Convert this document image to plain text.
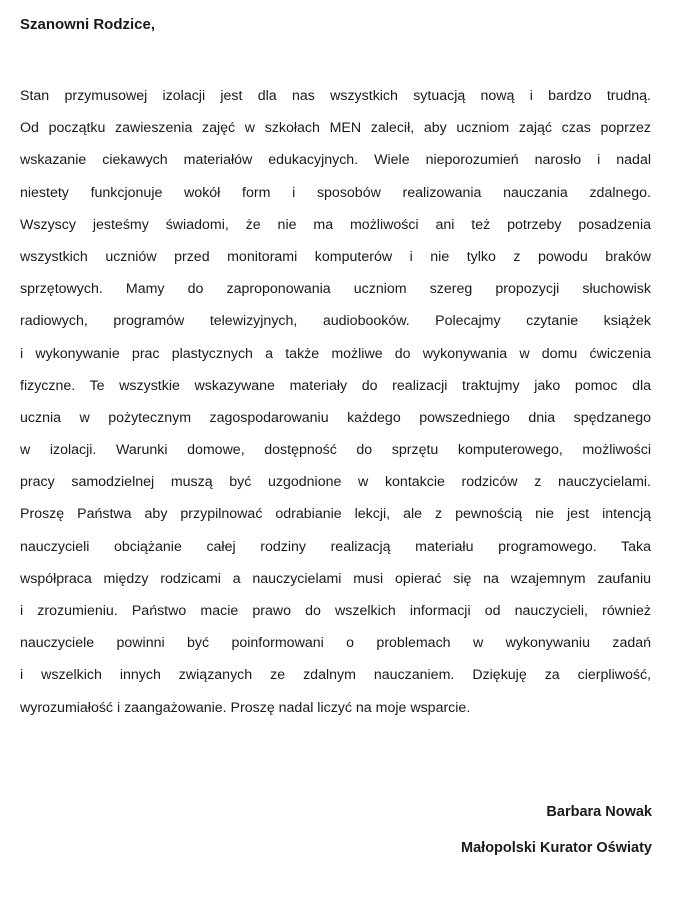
Szanowni Rodzice,
Stan przymusowej izolacji jest dla nas wszystkich sytuacją nową i bardzo trudną.
Od początku zawieszenia zajęć w szkołach MEN zalecił, aby uczniom zająć czas poprzez
wskazanie ciekawych materiałów edukacyjnych. Wiele nieporozumień narosło i nadal
niestety funkcjonuje wokół form i sposobów realizowania nauczania zdalnego.
Wszyscy jesteśmy świadomi, że nie ma możliwości ani też potrzeby posadzenia
wszystkich uczniów przed monitorami komputerów i nie tylko z powodu braków
sprzętowych. Mamy do zaproponowania uczniom szereg propozycji słuchowisk
radiowych, programów telewizyjnych, audiobooków. Polecajmy czytanie książek
i wykonywanie prac plastycznych a także możliwe do wykonywania w domu ćwiczenia
fizyczne. Te wszystkie wskazywane materiały do realizacji traktujmy jako pomoc dla
ucznia w pożytecznym zagospodarowaniu każdego powszedniego dnia spędzanego
w izolacji. Warunki domowe, dostępność do sprzętu komputerowego, możliwości
pracy samodzielnej muszą być uzgodnione w kontakcie rodziców z nauczycielami.
Proszę Państwa aby przypilnować odrabianie lekcji, ale z pewnością nie jest intencją
nauczycieli obciążanie całej rodziny realizacją materiału programowego. Taka
współpraca między rodzicami a nauczycielami musi opierać się na wzajemnym zaufaniu
i zrozumieniu. Państwo macie prawo do wszelkich informacji od nauczycieli, również
nauczyciele powinni być poinformowani o problemach w wykonywaniu zadań
i wszelkich innych związanych ze zdalnym nauczaniem. Dziękuję za cierpliwość,
wyrozumiałość i zaangażowanie. Proszę nadal liczyć na moje wsparcie.
Barbara Nowak
Małopolski Kurator Oświaty
